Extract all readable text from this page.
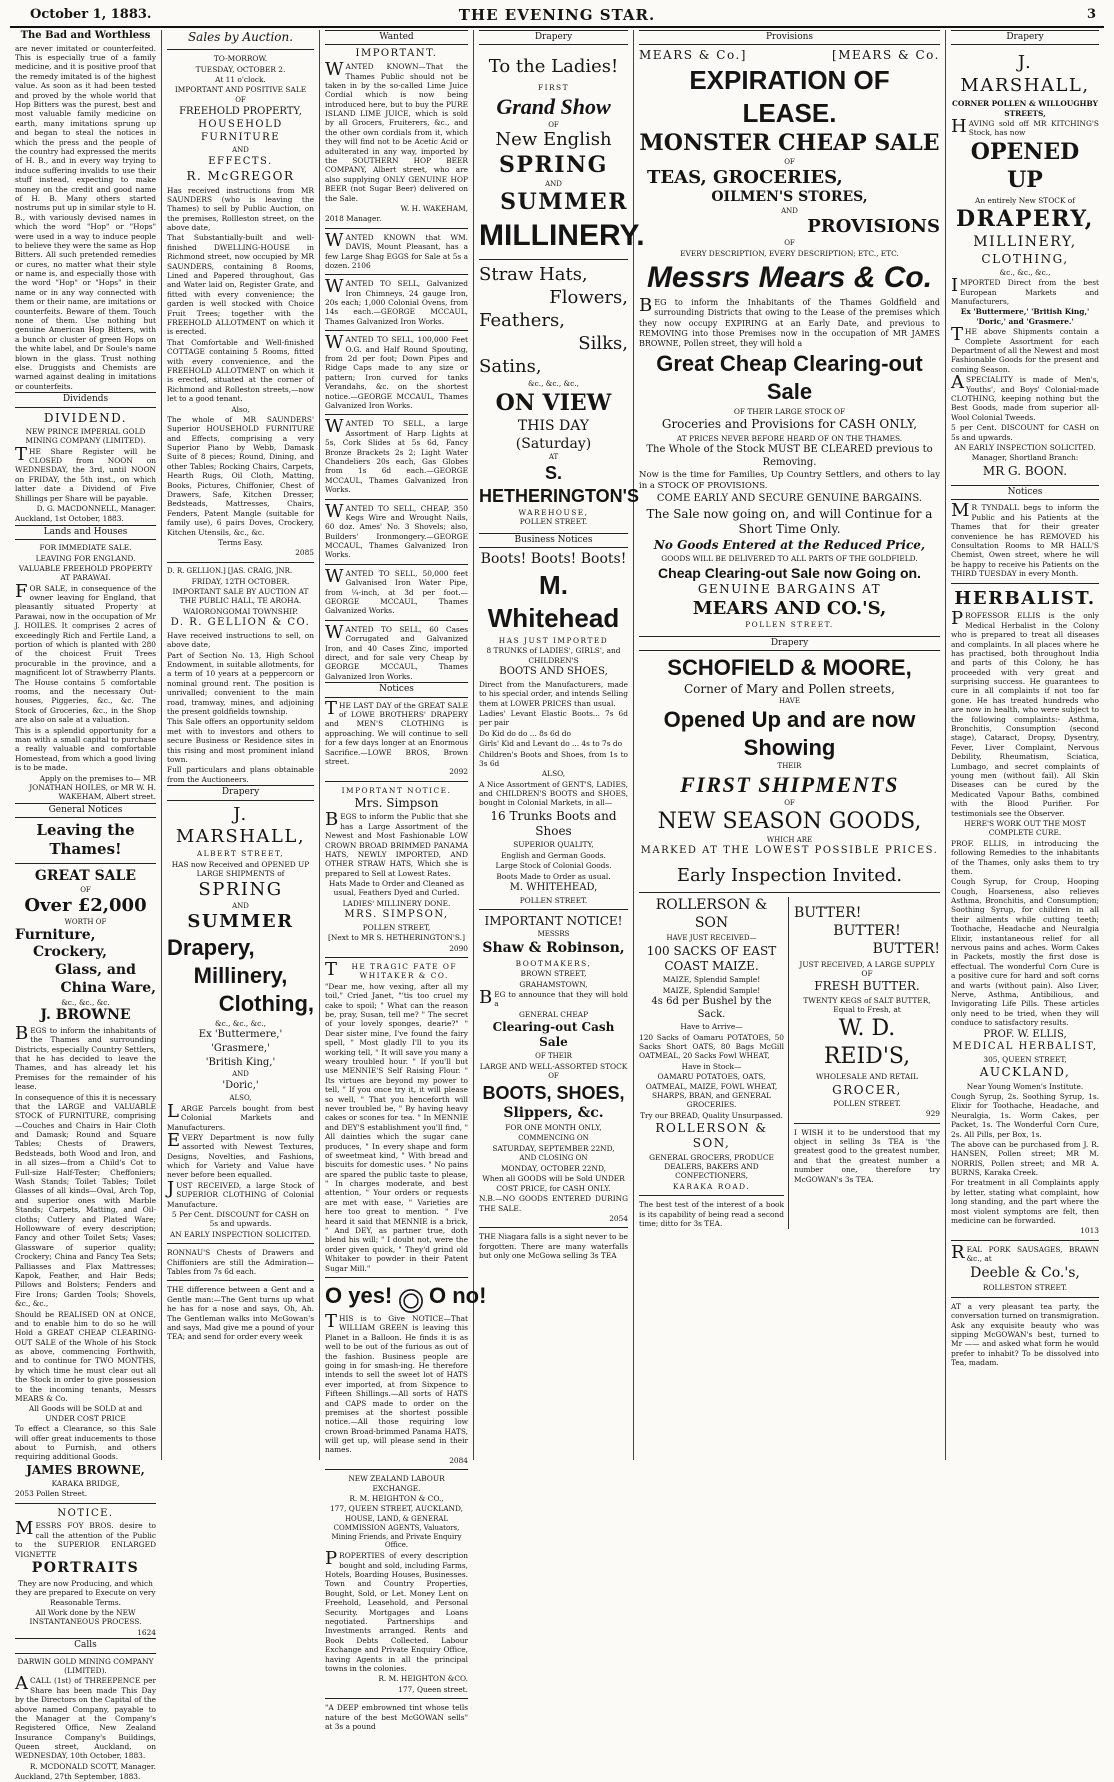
October 1, 1883.	THE EVENING STAR.	3
The Bad and Worthless

are never imitated or counterfeited. This is especially true of a family medicine, and it is positive proof that the remedy imitated is of the highest value. As soon as it had been tested and proved by the whole world that Hop Bitters was the purest, best and most valuable family medicine on earth, many imitations sprung up and began to steal the notices in which the press and the people of the country had expressed the merits of H. B., and in every way trying to induce suffering invalids to use their stuff instead, expecting to make money on the credit and good name of H. B. Many others started nostrums put up in similar style to H. B., with variously devised names in which the word "Hop" or "Hops" were used in a way to induce people to believe they were the same as Hop Bitters. All such pretended remedies or cures, no matter what their style or name is, and especially those with the word "Hop" or "Hops" in their name or in any way connected with them or their name, are imitations or counterfeits. Beware of them. Touch none of them. Use nothing but genuine American Hop Bitters, with a bunch or cluster of green Hops on the white label, and Dr Soule's name blown in the glass. Trust nothing else. Druggists and Chemists are warned against dealing in imitations or counterfeits.

Dividends
DIVIDEND.

NEW PRINCE IMPERIAL GOLD MINING COMPANY (LIMITED).

THE Share Register will be CLOSED from NOON on WEDNESDAY, the 3rd, until NOON on FRIDAY, the 5th inst., on which latter date a Dividend of Five Shillings per Share will be payable.

D. G. MACDONNELL, Manager.

Auckland, 1st October, 1883.

Lands and Houses

FOR IMMEDIATE SALE.

LEAVING FOR ENGLAND.

VALUABLE FREEHOLD PROPERTY AT PARAWAI.

FOR SALE, in consequence of the owner leaving for England, that pleasantly situated Property at Parawai, now in the occupation of Mr J. HOILES. It comprises 2 acres of exceedingly Rich and Fertile Land, a portion of which is planted with 280 of the choicest Fruit Trees procurable in the province, and a magnificent lot of Strawberry Plants. The House contains 5 comfortable rooms, and the necessary Out-houses, Piggeries, &c., &c. The Stock of Groceries, &c., in the Shop are also on sale at a valuation.

This is a splendid opportunity for a man with a small capital to purchase a really valuable and comfortable Homestead, from which a good living is to be made.

Apply on the premises to— MR JONATHAN HOILES, or MR W. H. WAKEHAM, Albert street.

General Notices
Leaving the Thames!
GREAT SALE
OF
Over £2,000
WORTH OF
Furniture,
Crockery,
Glass, and
China Ware,
&c., &c., &c.
J. BROWNE

BEGS to inform the inhabitants of the Thames and surrounding Districts, especially Country Settlers, that he has decided to leave the Thames, and has already let his Premises for the remainder of his lease.

In consequence of this it is necessary that the LARGE and VALUABLE STOCK of FURNITURE, comprising—Couches and Chairs in Hair Cloth and Damask; Round and Square Tables; Chests of Drawers, Bedsteads, both Wood and Iron, and in all sizes—from a Child's Cot to Full-size Half-Tester; Cheffoniers; Wash Stands; Toilet Tables; Toilet Glasses of all kinds—Oval, Arch Top, and superior ones with Marble Stands; Carpets, Matting, and Oil-cloths; Cutlery and Plated Ware; Hollowware of every description; Fancy and other Toilet Sets; Vases; Glassware of superior quality; Crockery; China and Fancy Tea Sets; Palliasses and Flax Mattresses; Kapok, Feather, and Hair Beds; Pillows and Bolsters; Fenders and Fire Irons; Garden Tools; Shovels, &c., &c.,

Should be REALISED ON at ONCE, and to enable him to do so he will Hold a GREAT CHEAP CLEARING-OUT SALE of the Whole of his Stock as above, commencing Forthwith, and to continue for TWO MONTHS, by which time he must clear out all the Stock in order to give possession to the incoming tenants, Messrs MEARS & Co.

All Goods will be SOLD at and UNDER COST PRICE

To effect a Clearance, so this Sale will offer great inducements to those about to Furnish, and others requiring additional Goods.

JAMES BROWNE,

KARAKA BRIDGE,

2053 Pollen Street.

NOTICE.

MESSRS FOY BROS. desire to call the attention of the Public to the SUPERIOR ENLARGED VIGNETTE

PORTRAITS

They are now Producing, and which they are prepared to Execute on very Reasonable Terms.

All Work done by the NEW INSTANTANEOUS PROCESS.

1624

Calls

DARWIN GOLD MINING COMPANY (LIMITED).

ACALL (1st) of THREEPENCE per Share has been made This Day by the Directors on the Capital of the above named Company, payable to the Manager at the Company's Registered Office, New Zealand Insurance Company's Buildings, Queen street, Auckland, on WEDNESDAY, 10th October, 1883.

R. MCDONALD SCOTT, Manager.

Auckland, 27th September, 1883.

Sales by Auction.

TO-MORROW.

TUESDAY, OCTOBER 2.

At 11 o'clock.

IMPORTANT AND POSITIVE SALE

OF

FREEHOLD PROPERTY,

HOUSEHOLD FURNITURE

AND

EFFECTS.

R. McGREGOR

Has received instructions from MR SAUNDERS (who is leaving the Thames) to sell by Public Auction, on the premises, Rollleston street, on the above date,

That Substantially-built and well-finished DWELLING-HOUSE in Richmond street, now occupied by MR SAUNDERS, containing 8 Rooms, Lined and Papered throughout, Gas and Water laid on, Register Grate, and fitted with every convenience; the garden is well stocked with Choice Fruit Trees; together with the FREEHOLD ALLOTMENT on which it is erected.

That Comfortable and Well-finished COTTAGE containing 5 Rooms, fitted with every convenience, and the FREEHOLD ALLOTMENT on which it is erected, situated at the corner of Richmond and Rolleston streets,—now let to a good tenant.

Also,

The whole of MR SAUNDERS' Superior HOUSEHOLD FURNITURE and Effects, comprising a very Superior Piano by Webb, Damask Suite of 8 pieces; Round, Dining, and other Tables; Rocking Chairs, Carpets, Hearth Rugs, Oil Cloth, Matting, Books, Pictures, Chiffonier, Chest of Drawers, Safe, Kitchen Dresser, Bedsteads, Mattresses, Chairs, Fenders, Patent Mangle (suitable for family use), 6 pairs Doves, Crockery, Kitchen Utensils, &c., &c.

Terms Easy.

2085

D. R. GELLION.] [JAS. CRAIG, JNR.

FRIDAY, 12TH OCTOBER.

IMPORTANT SALE BY AUCTION AT THE PUBLIC HALL, TE AROHA.

WAIORONGOMAI TOWNSHIP.

D. R. GELLION & CO.

Have received instructions to sell, on above date,

Part of Section No. 13, High School Endowment, in suitable allotments, for a term of 10 years at a peppercorn or nominal ground rent. The position is unrivalled; convenient to the main road, tramway, mines, and adjoining the present goldfields township.

This Sale offers an opportunity seldom met with to investors and others to secure Business or Residence sites in this rising and most prominent inland town.

Full particulars and plans obtainable from the Auctioneers.

Drapery
J. MARSHALL,
ALBERT STREET,

HAS now Received and OPENED UP LARGE SHIPMENTS of

SPRING
AND
SUMMER
Drapery,
Millinery,
Clothing,

&c., &c., &c.,

Ex 'Buttermere,'

'Grasmere,'

'British King,'

AND

'Doric,'

ALSO,

LARGE Parcels bought from best Colonial Markets and Manufacturers.

EVERY Department is now fully assorted with Newest Textures, Designs, Novelties, and Fashions, which for Variety and Value have never before been equalled.

JUST RECEIVED, a large Stock of SUPERIOR CLOTHING of Colonial Manufacture.

5 Per Cent. DISCOUNT for CASH on 5s and upwards.

AN EARLY INSPECTION SOLICITED.

RONNAU'S Chests of Drawers and Chiffoniers are still the Admiration—Tables from 7s 6d each.

THE difference between a Gent and a Gentle man:—The Gent turns up what he has for a nose and says, Oh, Ah. The Gentleman walks into McGowan's and says, Mad give me a pound of your TEA; and send for order every week

Wanted
IMPORTANT.

WANTED KNOWN—That the Thames Public should not be taken in by the so-called Lime Juice Cordial which is now being introduced here, but to buy the PURE ISLAND LIME JUICE, which is sold by all Grocers, Fruiterers, &c., and the other own cordials from it, which they will find not to be Acetic Acid or adulterated in any way, imported by the SOUTHERN HOP BEER COMPANY, Albert street, who are also supplying ONLY GENUINE HOP BEER (not Sugar Beer) delivered on the Sale.

W. H. WAKEHAM,

2018 Manager.

WANTED KNOWN that WM. DAVIS, Mount Pleasant, has a few Large Shag EGGS for Sale at 5s a dozen. 2106

WANTED TO SELL, Galvanized Iron Chimneys, 24 gauge Iron, 20s each; 1,000 Colonial Ovens, from 14s each.—GEORGE MCCAUL, Thames Galvanized Iron Works.

WANTED TO SELL, 100,000 Feet O.G. and Half Round Spouting, from 2d per foot; Down Pipes and Ridge Caps made to any size or pattern; Iron curved for tanks Verandahs, &c. on the shortest notice.—GEORGE MCCAUL, Thames Galvanized Iron Works.

WANTED TO SELL, a large Assortment of Harp Lights at 5s, Cork Slides at 5s 6d, Fancy Bronze Brackets 2s 2; Light Water Chandeliers 20s each, Gas Globes from 1s 6d each.—GEORGE MCCAUL, Thames Galvanized Iron Works.

WANTED TO SELL, CHEAP, 350 Kegs Wire and Wrought Nails, 60 doz. Ames' No. 3 Shovels; also, Builders' Ironmongery.—GEORGE MCCAUL, Thames Galvanized Iron Works.

WANTED TO SELL, 50,000 feet Galvanised Iron Water Pipe, from ¼-inch, at 3d per foot.—GEORGE MCCAUL, Thames Galvanized Works.

WANTED TO SELL, 60 Cases Corrugated and Galvanized Iron, and 40 Cases Zinc, imported direct, and for sale very Cheap by GEORGE MCCAUL, Thames Galvanized Iron Works.

Notices

THE LAST DAY of the GREAT SALE of LOWE BROTHERS' DRAPERY and MEN'S CLOTHING is approaching. We will continue to sell for a few days longer at an Enormous Sacrifice.—LOWE BROS, Brown street.

2092

IMPORTANT NOTICE.

Mrs. Simpson

BEGS to inform the Public that she has a Large Assortment of the Newest and Most Fashionable LOW CROWN BROAD BRIMMED PANAMA HATS, NEWLY IMPORTED, AND OTHER STRAW HATS, Which she is prepared to Sell at Lowest Rates.

Hats Made to Order and Cleaned as usual, Feathers Dyed and Curled.

LADIES' MILLINERY DONE.

MRS. SIMPSON,

POLLEN STREET,

[Next to MR S. HETHERINGTON'S.]

2090

THE TRAGIC FATE OF WHITAKER & CO.

"Dear me, how vexing, after all my toil," Cried Janet, "'tis too cruel my cake to spoil; " What can the reason be, pray, Susan, tell me? " The secret of your lovely sponges, dearie?" " Dear sister mine, I've found the fairy spell, " Most gladly I'll to you its working tell, " It will save you many a weary troubled hour. " If you'll but use MENNIE'S Self Raising Flour. " Its virtues are beyond my power to tell, " If you once try it, it will please so well, " That you henceforth will never troubled be, " By having heavy cakes or scones for tea. " In MENNIE and DEY'S establishment you'll find, " All dainties which the sugar cane produces, " In every shape and form of sweetmeat kind, " With bread and biscuits for domestic uses. " No pains are spared the public taste to please, " In charges moderate, and best attention, " Your orders or requests are met with ease, " Varieties are here too great to mention. " I've heard it said that MENNIE is a brick, " And DEY, as partner true, doth blend his will; " I doubt not, were the order given quick, " They'd grind old Whitaker to powder in their Patent Sugar Mill."

O yes! O no!

THIS is to Give NOTICE—That WILLIAM GREEN is leaving this Planet in a Balloon. He finds it is as well to be out of the furious as out of the fashion. Business people are going in for smash-ing. He therefore intends to sell the sweet lot of HATS ever imported, at from Sixpence to Fifteen Shillings.—All sorts of HATS and CAPS made to order on the premises at the shortest possible notice.—All those requiring low crown Broad-brimmed Panama HATS, will get up, will please send in their names.

2084

NEW ZEALAND LABOUR EXCHANGE.

R. M. HEIGHTON & CO.,

177, QUEEN STREET, AUCKLAND,

HOUSE, LAND, & GENERAL COMMISSION AGENTS, Valuators, Mining Friends, and Private Enquiry Office.

PROPERTIES of every description bought and sold, including Farms, Hotels, Boarding Houses, Businesses. Town and Country Properties, Bought, Sold, or Let. Money Lent on Freehold, Leasehold, and Personal Security. Mortgages and Loans negotiated. Partnerships and Investments arranged. Rents and Book Debts Collected. Labour Exchange and Private Enquiry Office, having Agents in all the principal towns in the colonies.

R. M. HEIGHTON &CO.

177, Queen street.

"A DEEP embrowned tint whose tells nature of the best McGOWAN sells" at 3s a pound

Drapery
To the Ladies!
FIRST
Grand Show
OF
New English
SPRING
AND
SUMMER
MILLINERY.
Straw Hats,
Flowers,
Feathers,
Silks,
Satins,

&c., &c., &c.,

ON VIEW
THIS DAY (Saturday)
AT
S. HETHERINGTON'S
WAREHOUSE,
POLLEN STREET.
Business Notices
Boots! Boots! Boots!
M. Whitehead

HAS JUST IMPORTED

8 TRUNKS of LADIES', GIRLS', and CHILDREN'S

BOOTS AND SHOES,

Direct from the Manufacturers, made to his special order, and intends Selling them at LOWER PRICES than usual.

Ladies' Levant Elastic Boots... 7s 6d per pair

Do Kid do do ... 8s 6d do

Girls' Kid and Levant do ... 4s to 7s do

Children's Boots and Shoes, from 1s to 3s 6d

ALSO,

A Nice Assortment of GENT'S, LADIES, and CHILDREN'S BOOTS and SHOES, bought in Colonial Markets, in all—

16 Trunks Boots and Shoes

SUPERIOR QUALITY,

English and German Goods.

Large Stock of Colonial Goods.

Boots Made to Order as usual.

M. WHITEHEAD,

POLLEN STREET.

IMPORTANT NOTICE!

MESSRS

Shaw & Robinson,

BOOTMAKERS,

BROWN STREET,

GRAHAMSTOWN,

BEG to announce that they will hold a

GENERAL CHEAP

Clearing-out Cash Sale

OF THEIR

LARGE AND WELL-ASSORTED STOCK

OF

BOOTS, SHOES,
Slippers, &c.

FOR ONE MONTH ONLY,

COMMENCING ON

SATURDAY, SEPTEMBER 22ND,

AND CLOSING ON

MONDAY, OCTOBER 22ND,

When all GOODS will be Sold UNDER COST PRICE, for CASH ONLY.

N.B.—NO GOODS ENTERED DURING THE SALE.

2054

THE Niagara falls is a sight never to be forgotten. There are many waterfalls but only one McGowa selling 3s TEA

Provisions
MEARS & Co.]	[MEARS & Co.
EXPIRATION OF LEASE.
MONSTER CHEAP SALE
OF
TEAS, GROCERIES,
OILMEN'S STORES,
AND
PROVISIONS
OF

EVERY DESCRIPTION, EVERY DESCRIPTION; ETC., ETC.

Messrs Mears & Co.

BEG to inform the Inhabitants of the Thames Goldfield and surrounding Districts that owing to the Lease of the premises which they now occupy EXPIRING at an Early Date, and previous to REMOVING into those Premises now in the occupation of MR JAMES BROWNE, Pollen street, they will hold a

Great Cheap Clearing-out Sale

OF THEIR LARGE STOCK OF

Groceries and Provisions for CASH ONLY,

AT PRICES NEVER BEFORE HEARD OF ON THE THAMES.

The Whole of the Stock MUST BE CLEARED previous to Removing.

Now is the time for Families, Up Country Settlers, and others to lay in a STOCK OF PROVISIONS.

COME EARLY AND SECURE GENUINE BARGAINS.

The Sale now going on, and will Continue for a Short Time Only.

No Goods Entered at the Reduced Price,

GOODS WILL BE DELIVERED TO ALL PARTS OF THE GOLDFIELD.

Cheap Clearing-out Sale now Going on.
GENUINE BARGAINS AT
MEARS AND CO.'S,
POLLEN STREET.
Drapery
SCHOFIELD & MOORE,
Corner of Mary and Pollen streets,
HAVE
Opened Up and are now Showing
THEIR
FIRST SHIPMENTS
OF
NEW SEASON GOODS,
WHICH ARE
MARKED AT THE LOWEST POSSIBLE PRICES.
Early Inspection Invited.
ROLLERSON & SON

HAVE JUST RECEIVED—

100 SACKS OF EAST COAST MAIZE.

MAIZE, Splendid Sample!

MAIZE, Splendid Sample!

4s 6d per Bushel by the Sack.

Have to Arrive—

120 Sacks of Oamaru POTATOES, 50 Sacks Short OATS, 80 Bags McGill OATMEAL, 20 Sacks Fowl WHEAT,

Have in Stock—

OAMARU POTATOES, OATS, OATMEAL, MAIZE, FOWL WHEAT, SHARPS, BRAN, and GENERAL GROCERIES.

Try our BREAD, Quality Unsurpassed.

ROLLERSON & SON,

GENERAL GROCERS, PRODUCE DEALERS, BAKERS AND CONFECTIONERS,

KARAKA ROAD.

The best test of the interest of a book is its capability of being read a second time; ditto for 3s TEA.

BUTTER!
BUTTER!
BUTTER!

JUST RECEIVED, A LARGE SUPPLY OF

FRESH BUTTER.

TWENTY KEGS of SALT BUTTER, Equal to Fresh, at

W. D. REID'S,

WHOLESALE AND RETAIL

GROCER,

POLLEN STREET.

929

I WISH it to be understood that my object in selling 3s TEA is 'the greatest good to the greatest number, and that the greatest number a number one, therefore try McGOWAN's 3s TEA.

Drapery
J. MARSHALL,

CORNER POLLEN & WILLOUGHBY STREETS,

HAVING sold off MR KITCHING'S Stock, has now

OPENED UP

An entirely New STOCK of

DRAPERY,
MILLINERY,
CLOTHING,

&c., &c., &c.,

IMPORTED Direct from the best European Markets and Manufacturers,

Ex 'Buttermere,' 'British King,' 'Doric,' and 'Grasmere.'

THE above Shipments contain a Complete Assortment for each Department of all the Newest and most Fashionable Goods for the present and coming Season.

ASPECIALITY is made of Men's, Youths', and Boys' Colonial-made CLOTHING, keeping nothing but the Best Goods, made from superior all-Wool Colonial Tweeds.

5 per Cent. DISCOUNT for CASH on 5s and upwards.

AN EARLY INSPECTION SOLICITED.

Manager, Shortland Branch:

MR G. BOON.
Notices

MR TYNDALL begs to inform the Public and his Patients at the Thames that for their greater convenience he has REMOVED his Consultation Rooms to MR HALL'S Chemist, Owen street, where he will be happy to receive his Patients on the THIRD TUESDAY in every Month.

HERBALIST.

PROFESSOR ELLIS is the only Medical Herbalist in the Colony who is prepared to treat all diseases and complaints. In all places where he has practised, both throughout India and parts of this Colony, he has proceeded with very great and surprising success. He guarantees to cure in all complaints if not too far gone. He has treated hundreds who are now in health, who were subject to the following complaints:- Asthma, Bronchitis, Consumption (second stage), Cataract, Dropsy, Dysentry, Fever, Liver Complaint, Nervous Debility, Rheumatism, Sciatica, Lumbago, and secret complaints of young men (without fail). All Skin Diseases can be cured by the Medicated Vapour Baths, combined with the Blood Purifier. For testimonials see the Observer.

HERE'S WORK OUT THE MOST COMPLETE CURE.

PROF. ELLIS, in introducing the following Remedies to the inhabitants of the Thames, only asks them to try them.

Cough Syrup, for Croup, Hooping Cough, Hoarseness, also relieves Asthma, Bronchitis, and Consumption; Soothing Syrup, for children in all their ailments while cutting teeth; Toothache, Headache and Neuralgia Elixir, instantaneous relief for all nervous pains and aches. Worm Cakes in Packets, mostly the first dose is effectual. The wonderful Corn Cure is a positive cure for hard and soft corns and warts (without pain). Also Liver, Nerve, Asthma, Antibilious, and Invigorating Life Pills. These articles only need to be tried, when they will conduce to satisfactory results.

PROF. W. ELLIS,
MEDICAL HERBALIST,

305, QUEEN STREET,

AUCKLAND,

Near Young Women's Institute.

Cough Syrup, 2s. Soothing Syrup, 1s. Elixir for Toothache, Headache, and Neuralgia, 1s. Worm Cakes, per Packet, 1s. The Wonderful Corn Cure, 2s. All Pills, per Box, 1s.

The above can be purchased from J. R. HANSEN, Pollen street; MR M. NORRIS, Pollen street; and MR A. BURNS, Karaka Creek.

For treatment in all Complaints apply by letter, stating what complaint, how long standing, and the part where the most violent symptoms are felt, then medicine can be forwarded.

1013

REAL PORK SAUSAGES, BRAWN &c., at

Deeble & Co.'s,

ROLLESTON STREET.

AT a very pleasant tea party, the conversation turned on transmigration. Ask any exquisite beauty who was sipping McGOWAN's best, turned to Mr —— and asked what form he would prefer to inhabit? To be dissolved into Tea, madam.
